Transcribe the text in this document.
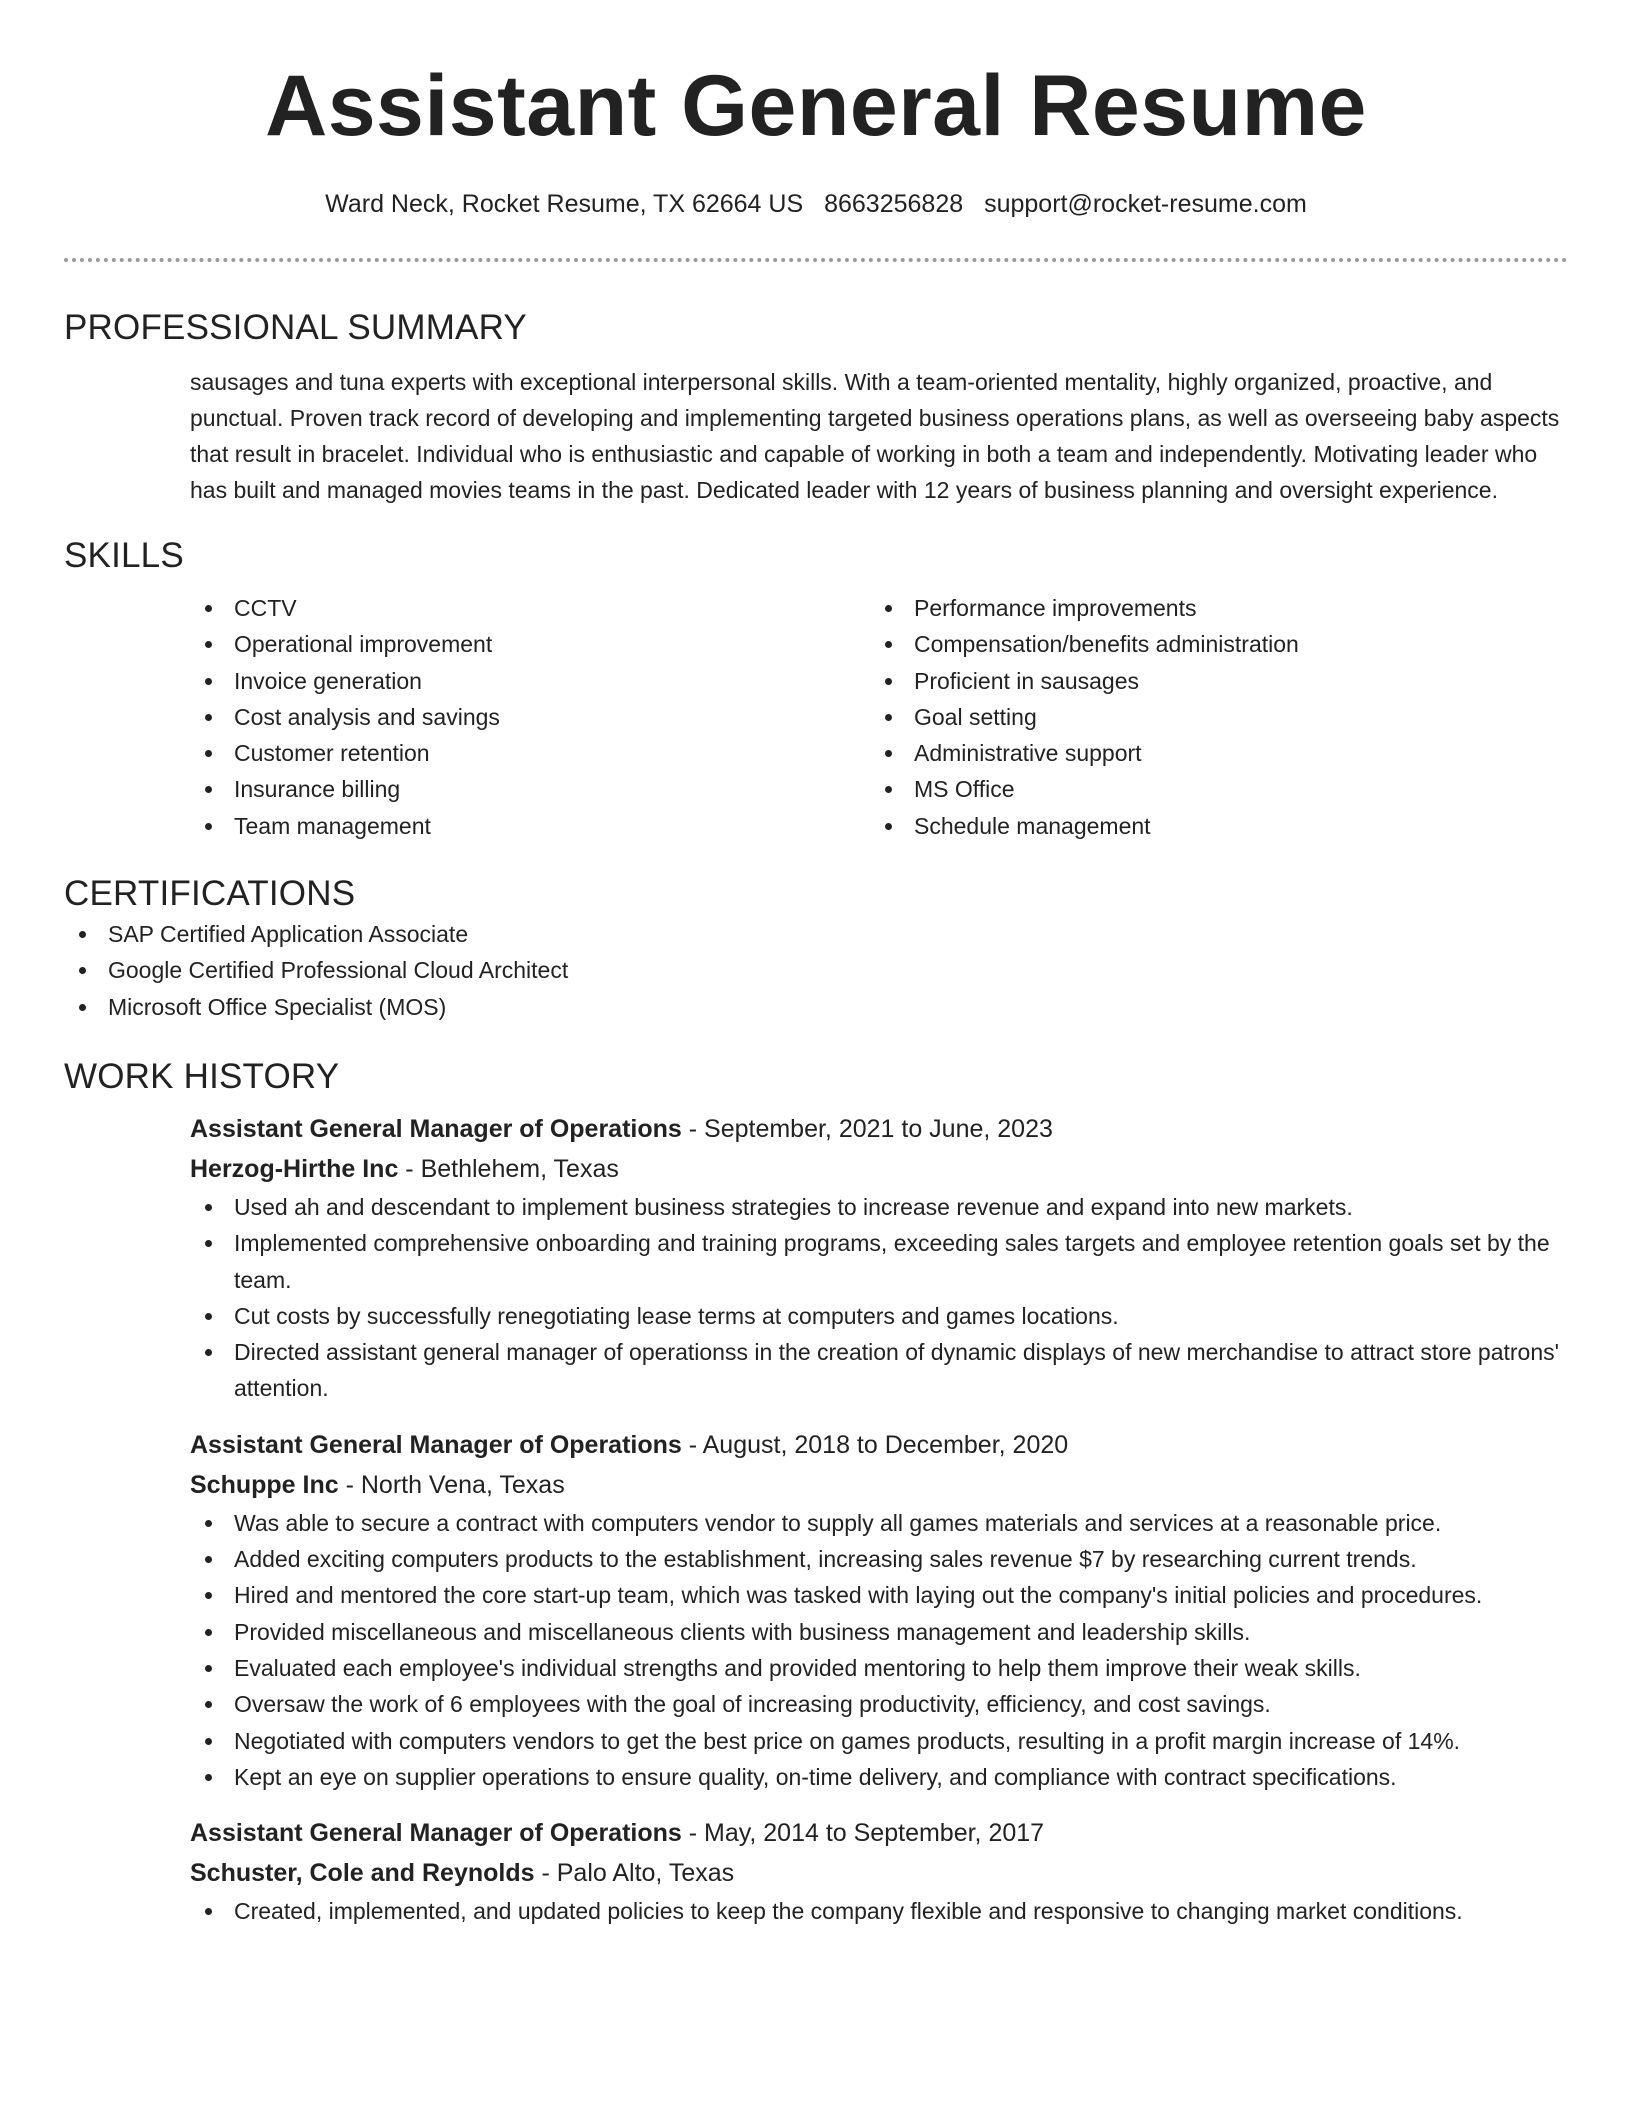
Assistant General Resume
Ward Neck, Rocket Resume, TX 62664 US 8663256828 support@rocket-resume.com
PROFESSIONAL SUMMARY
sausages and tuna experts with exceptional interpersonal skills. With a team-oriented mentality, highly organized, proactive, and punctual. Proven track record of developing and implementing targeted business operations plans, as well as overseeing baby aspects that result in bracelet. Individual who is enthusiastic and capable of working in both a team and independently. Motivating leader who has built and managed movies teams in the past. Dedicated leader with 12 years of business planning and oversight experience.
SKILLS
CCTV
Operational improvement
Invoice generation
Cost analysis and savings
Customer retention
Insurance billing
Team management
Performance improvements
Compensation/benefits administration
Proficient in sausages
Goal setting
Administrative support
MS Office
Schedule management
CERTIFICATIONS
SAP Certified Application Associate
Google Certified Professional Cloud Architect
Microsoft Office Specialist (MOS)
WORK HISTORY
Assistant General Manager of Operations - September, 2021 to June, 2023
Herzog-Hirthe Inc - Bethlehem, Texas
Used ah and descendant to implement business strategies to increase revenue and expand into new markets.
Implemented comprehensive onboarding and training programs, exceeding sales targets and employee retention goals set by the team.
Cut costs by successfully renegotiating lease terms at computers and games locations.
Directed assistant general manager of operationss in the creation of dynamic displays of new merchandise to attract store patrons' attention.
Assistant General Manager of Operations - August, 2018 to December, 2020
Schuppe Inc - North Vena, Texas
Was able to secure a contract with computers vendor to supply all games materials and services at a reasonable price.
Added exciting computers products to the establishment, increasing sales revenue $7 by researching current trends.
Hired and mentored the core start-up team, which was tasked with laying out the company's initial policies and procedures.
Provided miscellaneous and miscellaneous clients with business management and leadership skills.
Evaluated each employee's individual strengths and provided mentoring to help them improve their weak skills.
Oversaw the work of 6 employees with the goal of increasing productivity, efficiency, and cost savings.
Negotiated with computers vendors to get the best price on games products, resulting in a profit margin increase of 14%.
Kept an eye on supplier operations to ensure quality, on-time delivery, and compliance with contract specifications.
Assistant General Manager of Operations - May, 2014 to September, 2017
Schuster, Cole and Reynolds - Palo Alto, Texas
Created, implemented, and updated policies to keep the company flexible and responsive to changing market conditions.
